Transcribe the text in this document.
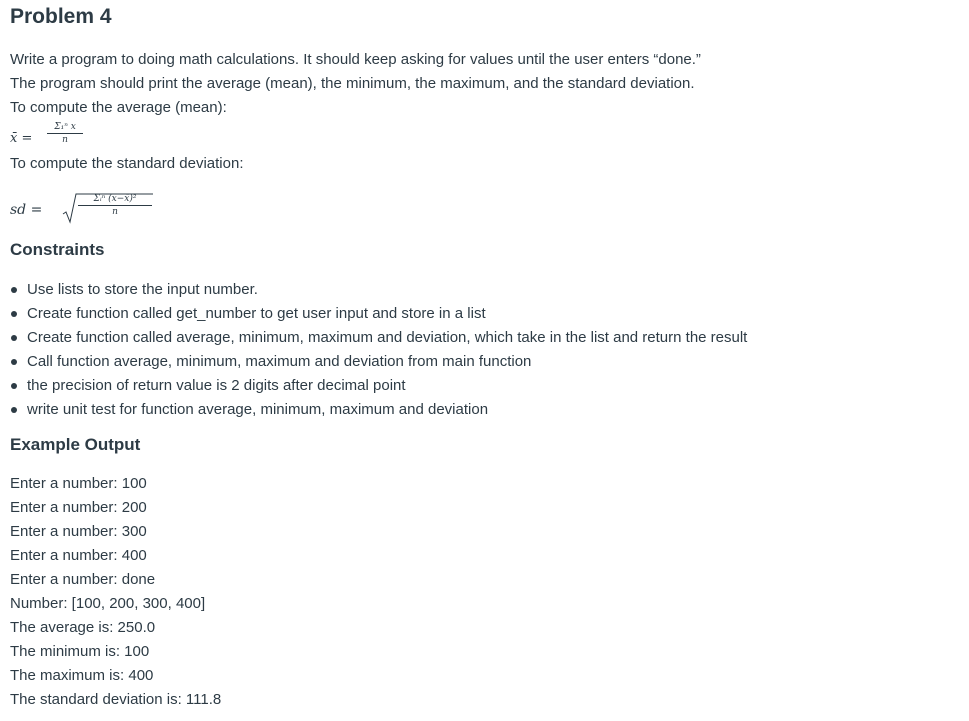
Problem 4
Write a program to doing math calculations. It should keep asking for values until the user enters “done.”
The program should print the average (mean), the minimum, the maximum, and the standard deviation.
To compute the average (mean):
x̄ =
Σ₁ⁿ x
n
To compute the standard deviation:
sd =
Σᵢⁿ (x−x̄)²
n
Constraints
Use lists to store the input number.
Create function called get_number to get user input and store in a list
Create function called average, minimum, maximum and deviation, which take in the list and return the result
Call function average, minimum, maximum and deviation from main function
the precision of return value is 2 digits after decimal point
write unit test for function average, minimum, maximum and deviation
Example Output
Enter a number: 100
Enter a number: 200
Enter a number: 300
Enter a number: 400
Enter a number: done
Number: [100, 200, 300, 400]
The average is: 250.0
The minimum is: 100
The maximum is: 400
The standard deviation is: 111.8
